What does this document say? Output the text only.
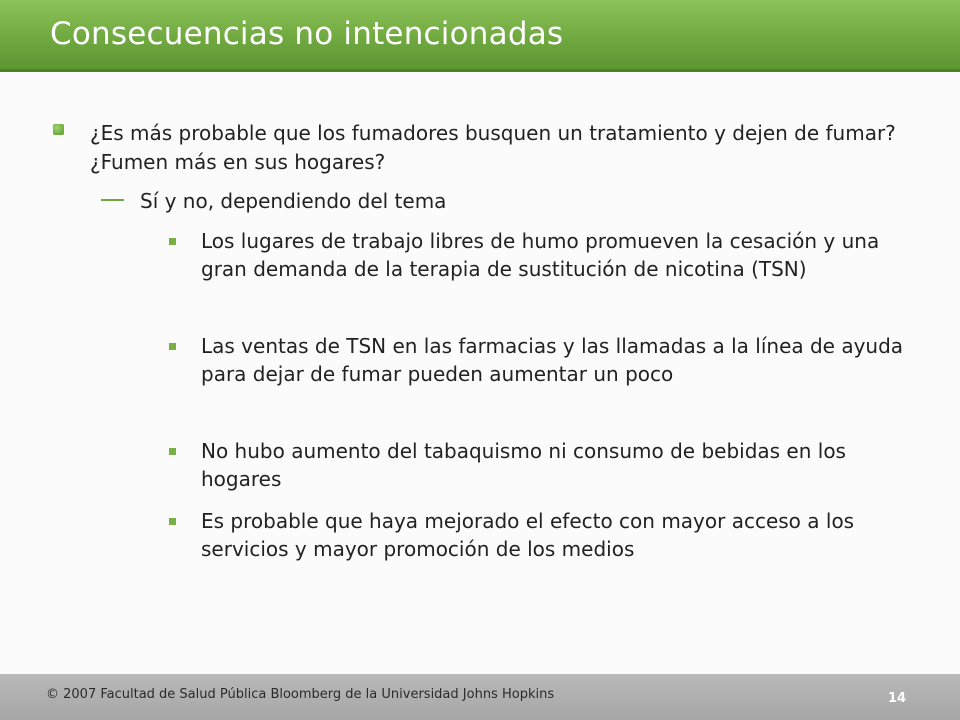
Consecuencias no intencionadas
¿Es más probable que los fumadores busquen un tratamiento y dejen de fumar? ¿Fumen más en sus hogares?
Sí y no, dependiendo del tema
Los lugares de trabajo libres de humo promueven la cesación y una gran demanda de la terapia de sustitución de nicotina (TSN)
Las ventas de TSN en las farmacias y las llamadas a la línea de ayuda para dejar de fumar pueden aumentar un poco
No hubo aumento del tabaquismo ni consumo de bebidas en los hogares
Es probable que haya mejorado el efecto con mayor acceso a los servicios y mayor promoción de los medios
© 2007 Facultad de Salud Pública Bloomberg de la Universidad Johns Hopkins	14
